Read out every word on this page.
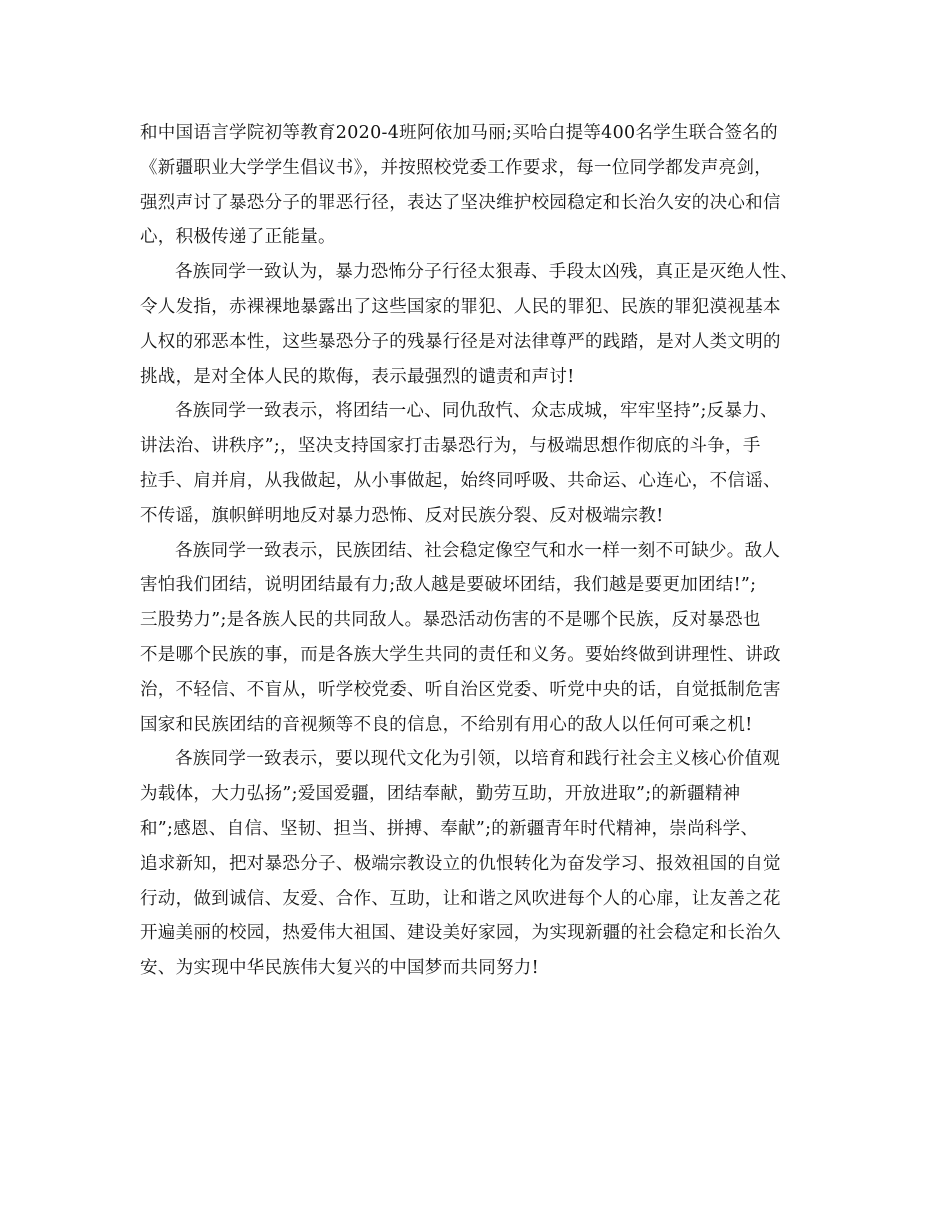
和中国语言学院初等教育2020-4班阿依加马丽;买哈白提等400名学生联合签名的
《新疆职业大学学生倡议书》，并按照校党委工作要求，每一位同学都发声亮剑，
强烈声讨了暴恐分子的罪恶行径，表达了坚决维护校园稳定和长治久安的决心和信
心，积极传递了正能量。
各族同学一致认为，暴力恐怖分子行径太狠毒、手段太凶残，真正是灭绝人性、
令人发指，赤裸裸地暴露出了这些国家的罪犯、人民的罪犯、民族的罪犯漠视基本
人权的邪恶本性，这些暴恐分子的残暴行径是对法律尊严的践踏，是对人类文明的
挑战，是对全体人民的欺侮，表示最强烈的谴责和声讨!
各族同学一致表示，将团结一心、同仇敌忾、众志成城，牢牢坚持”;反暴力、
讲法治、讲秩序”;，坚决支持国家打击暴恐行为，与极端思想作彻底的斗争，手
拉手、肩并肩，从我做起，从小事做起，始终同呼吸、共命运、心连心，不信谣、
不传谣，旗帜鲜明地反对暴力恐怖、反对民族分裂、反对极端宗教!
各族同学一致表示，民族团结、社会稳定像空气和水一样一刻不可缺少。敌人
害怕我们团结，说明团结最有力;敌人越是要破坏团结，我们越是要更加团结!”;
三股势力”;是各族人民的共同敌人。暴恐活动伤害的不是哪个民族，反对暴恐也
不是哪个民族的事，而是各族大学生共同的责任和义务。要始终做到讲理性、讲政
治，不轻信、不盲从，听学校党委、听自治区党委、听党中央的话，自觉抵制危害
国家和民族团结的音视频等不良的信息，不给别有用心的敌人以任何可乘之机!
各族同学一致表示，要以现代文化为引领，以培育和践行社会主义核心价值观
为载体，大力弘扬”;爱国爱疆，团结奉献，勤劳互助，开放进取”;的新疆精神
和”;感恩、自信、坚韧、担当、拼搏、奉献”;的新疆青年时代精神，崇尚科学、
追求新知，把对暴恐分子、极端宗教设立的仇恨转化为奋发学习、报效祖国的自觉
行动，做到诚信、友爱、合作、互助，让和谐之风吹进每个人的心扉，让友善之花
开遍美丽的校园，热爱伟大祖国、建设美好家园，为实现新疆的社会稳定和长治久
安、为实现中华民族伟大复兴的中国梦而共同努力!
